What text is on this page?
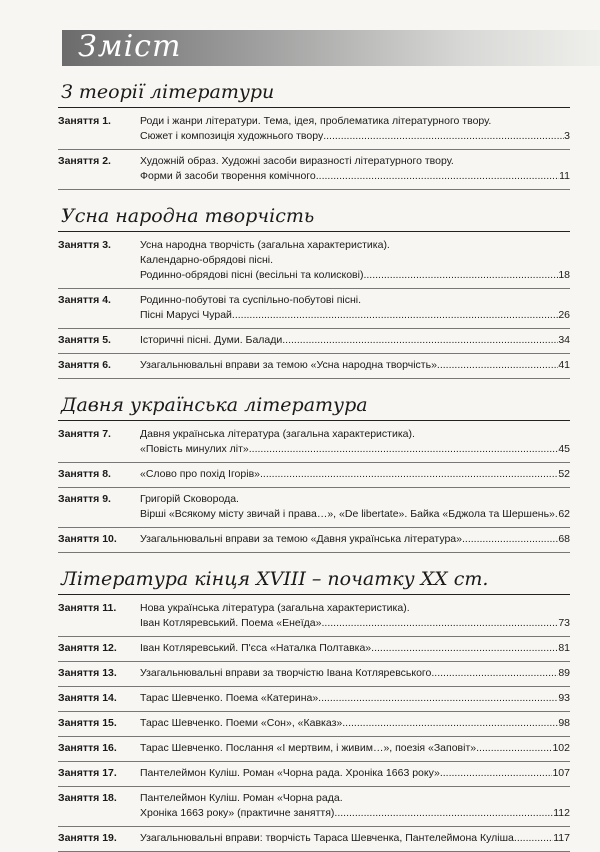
Зміст
З теорії літератури
Заняття 1.	Роди і жанри літератури. Тема, ідея, проблематика літературного твору.
Сюжет і композиція художнього твору .....	3
Заняття 2.	Художній образ. Художні засоби виразності літературного твору.
Форми й засоби творення комічного .....	11
Усна народна творчість
Заняття 3.	Усна народна творчість (загальна характеристика).
Календарно-обрядові пісні.
Родинно-обрядові пісні (весільні та колискові) .....	18
Заняття 4.	Родинно-побутові та суспільно-побутові пісні.
Пісні Марусі Чурай .....	26
Заняття 5.	Історичні пісні. Думи. Балади .....	34
Заняття 6.	Узагальнювальні вправи за темою «Усна народна творчість» .....	41
Давня українська література
Заняття 7.	Давня українська література (загальна характеристика).
«Повість минулих літ» .....	45
Заняття 8.	«Слово про похід Ігорів» .....	52
Заняття 9.	Григорій Сковорода.
Вірші «Всякому місту звичай і права…», «De libertate». Байка «Бджола та Шершень» ..... 62
Заняття 10.	Узагальнювальні вправи за темою «Давня українська література» .....	68
Література кінця XVIII – початку XX ст.
Заняття 11.	Нова українська література (загальна характеристика).
Іван Котляревський. Поема «Енеїда» .....	73
Заняття 12.	Іван Котляревський. П'єса «Наталка Полтавка» .....	81
Заняття 13.	Узагальнювальні вправи за творчістю Івана Котляревського .....	89
Заняття 14.	Тарас Шевченко. Поема «Катерина» .....	93
Заняття 15.	Тарас Шевченко. Поеми «Сон», «Кавказ» .....	98
Заняття 16.	Тарас Шевченко. Послання «І мертвим, і живим…», поезія «Заповіт» .....	102
Заняття 17.	Пантелеймон Куліш. Роман «Чорна рада. Хроніка 1663 року» .....	107
Заняття 18.	Пантелеймон Куліш. Роман «Чорна рада.
Хроніка 1663 року» (практичне заняття) .....	112
Заняття 19.	Узагальнювальні вправи: творчість Тараса Шевченка, Пантелеймона Куліша .....	117
